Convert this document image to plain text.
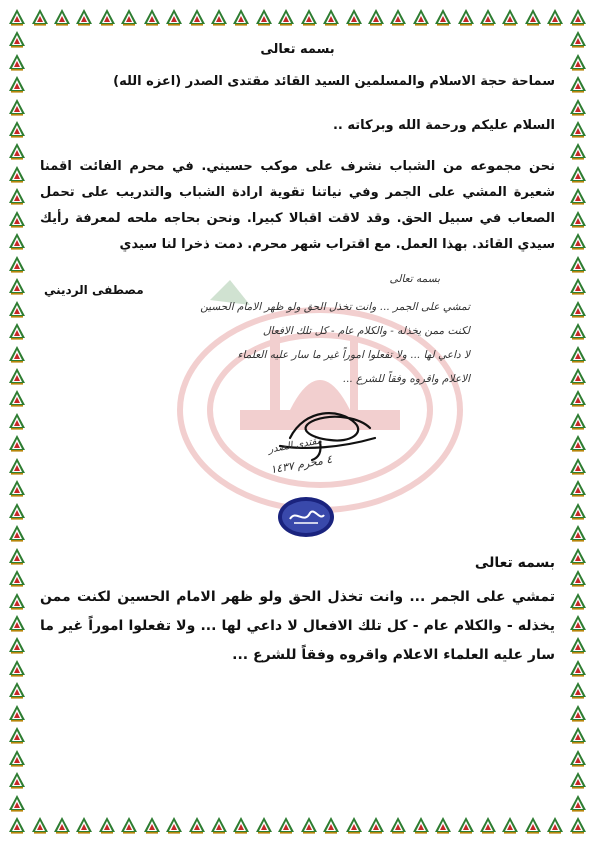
بسمه تعالى
سماحة حجة الاسلام والمسلمين السيد القائد مقتدى الصدر (اعزه الله)
السلام عليكم ورحمة الله وبركاته ..
نحن مجموعه من الشباب نشرف على موكب حسيني. في محرم الفائت اقمنا شعيرة المشي على الجمر وفي نياتنا تقوية ارادة الشباب والتدريب على تحمل الصعاب في سبيل الحق. وقد لاقت اقبالا كبيرا. ونحن بحاجه ملحه لمعرفة رأيك سيدي القائد. بهذا العمل. مع اقتراب شهر محرم. دمت ذخرا لنا سيدي
مصطفى الرديني
بسمه تعالى
تمشي على الجمر ... وانت تخذل الحق ولو ظهر الامام الحسين
لكنت ممن يخذله - والكلام عام - كل تلك الافعال
لا داعي لها ... ولا تفعلوا اموراً غير ما سار عليه العلماء
الاعلام واقروه وفقاً للشرع ...
مقتدى الصدر
٤ محرم ١٤٣٧
بسمه تعالى
تمشي على الجمر ... وانت تخذل الحق ولو ظهر الامام الحسين لكنت ممن يخذله - والكلام عام - كل تلك الافعال لا داعي لها ... ولا تفعلوا اموراً غير ما سار عليه العلماء الاعلام واقروه وفقاً للشرع ...
